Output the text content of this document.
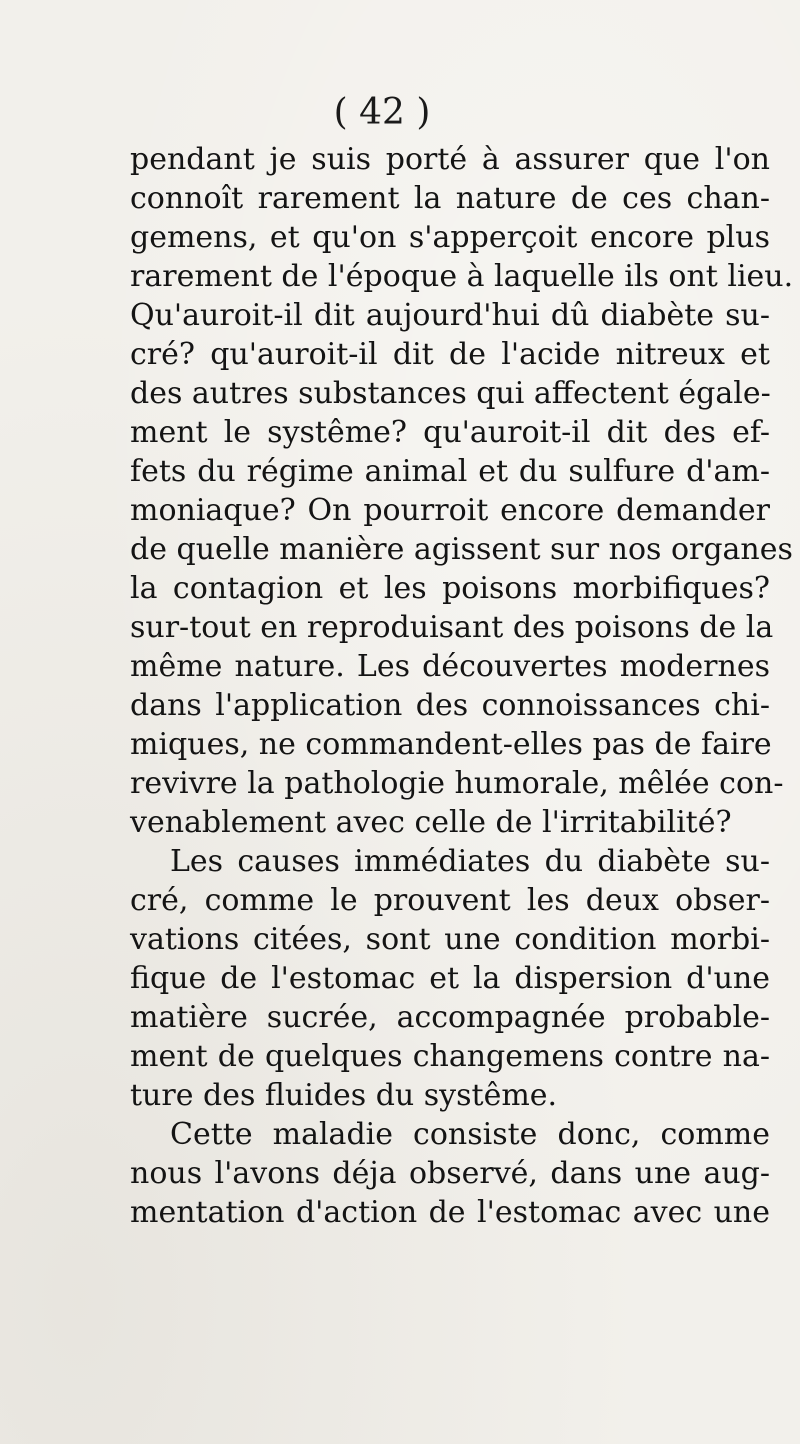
( 42 )
pendant je suis porté à assurer que l'on
connoît rarement la nature de ces chan-
gemens, et qu'on s'apperçoit encore plus
rarement de l'époque à laquelle ils ont lieu.
Qu'auroit-il dit aujourd'hui dû diabète su-
cré? qu'auroit-il dit de l'acide nitreux et
des autres substances qui affectent égale-
ment le systême? qu'auroit-il dit des ef-
fets du régime animal et du sulfure d'am-
moniaque? On pourroit encore demander
de quelle manière agissent sur nos organes
la contagion et les poisons morbifiques?
sur-tout en reproduisant des poisons de la
même nature. Les découvertes modernes
dans l'application des connoissances chi-
miques, ne commandent-elles pas de faire
revivre la pathologie humorale, mêlée con-
venablement avec celle de l'irritabilité?
Les causes immédiates du diabète su-
cré, comme le prouvent les deux obser-
vations citées, sont une condition morbi-
fique de l'estomac et la dispersion d'une
matière sucrée, accompagnée probable-
ment de quelques changemens contre na-
ture des fluides du systême.
Cette maladie consiste donc, comme
nous l'avons déja observé, dans une aug-
mentation d'action de l'estomac avec une
